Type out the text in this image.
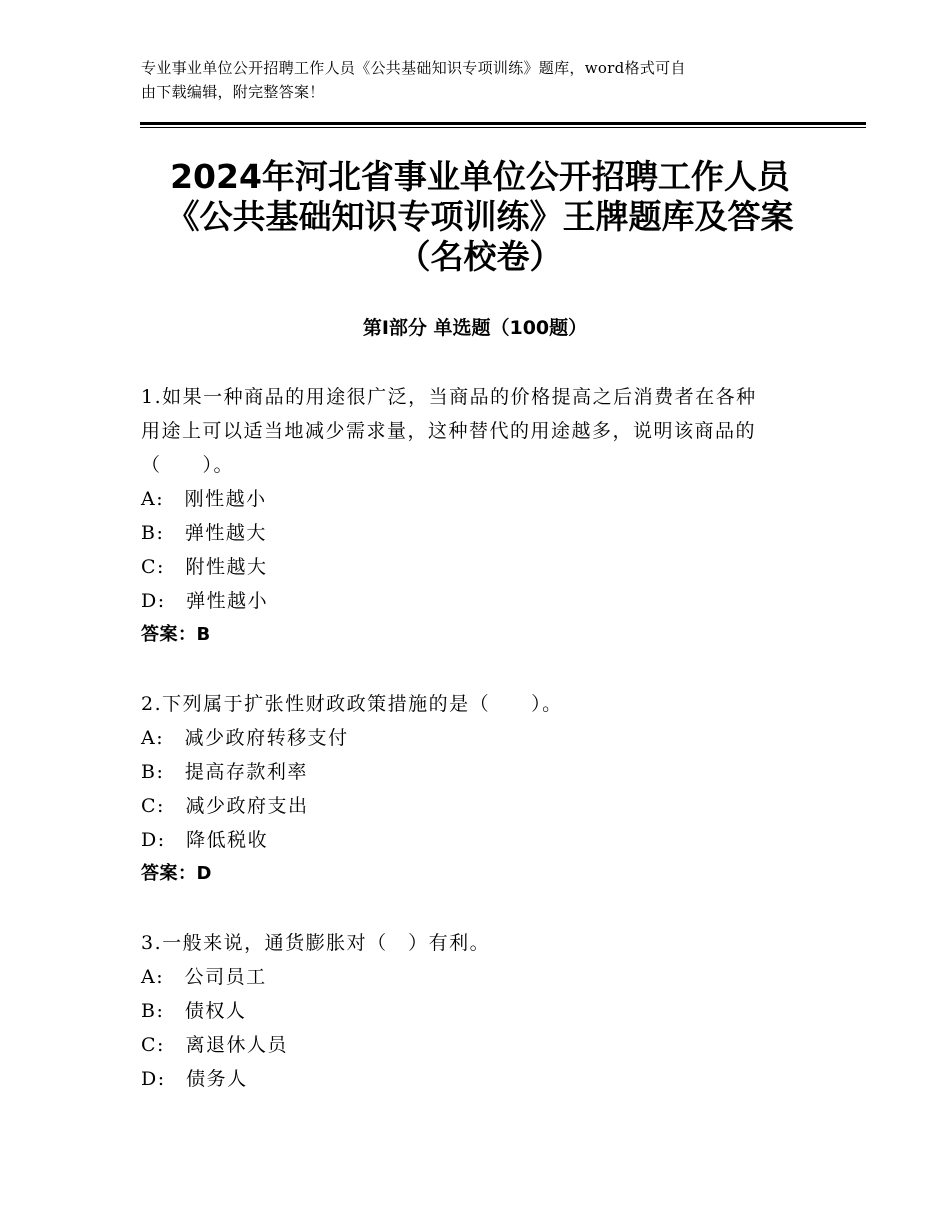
专业事业单位公开招聘工作人员《公共基础知识专项训练》题库，word格式可自
由下载编辑，附完整答案！
2024年河北省事业单位公开招聘工作人员
《公共基础知识专项训练》王牌题库及答案
（名校卷）
第Ⅰ部分 单选题（100题）
1.如果一种商品的用途很广泛，当商品的价格提高之后消费者在各种
用途上可以适当地减少需求量，这种替代的用途越多，说明该商品的
（　　）。
A:　刚性越小
B:　弹性越大
C:　附性越大
D:　弹性越小
答案：B
2.下列属于扩张性财政政策措施的是（　　）。
A:　减少政府转移支付
B:　提高存款利率
C:　减少政府支出
D:　降低税收
答案：D
3.一般来说，通货膨胀对（　）有利。
A:　公司员工
B:　债权人
C:　离退休人员
D:　债务人
